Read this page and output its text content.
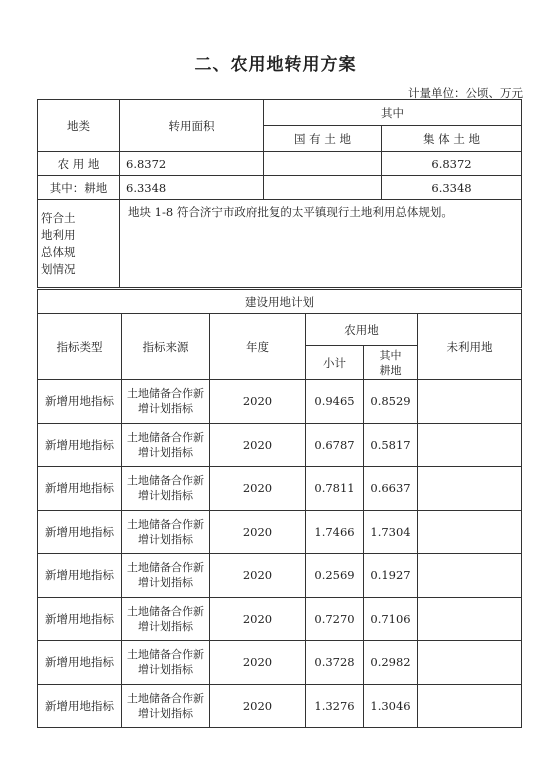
二、农用地转用方案
计量单位：公顷、万元
地类	转用面积	其中	
		国 有 土 地	集 体 土 地
农 用 地	6.8372		6.8372
其中：耕地	6.3348		6.3348

符合土地利用总体规划情况	地块 1-8 符合济宁市政府批复的太平镇现行土地利用总体规划。		
建设用地计划					
指标类型	指标来源	年度	农用地		未利用地
			小计	其中耕地	

新增用地指标	土地储备合作新增计划指标	2020	0.9465	0.8529	
新增用地指标	土地储备合作新增计划指标	2020	0.6787	0.5817	
新增用地指标	土地储备合作新增计划指标	2020	0.7811	0.6637	
新增用地指标	土地储备合作新增计划指标	2020	1.7466	1.7304	
新增用地指标	土地储备合作新增计划指标	2020	0.2569	0.1927	
新增用地指标	土地储备合作新增计划指标	2020	0.7270	0.7106	
新增用地指标	土地储备合作新增计划指标	2020	0.3728	0.2982	
新增用地指标	土地储备合作新增计划指标	2020	1.3276	1.3046	
